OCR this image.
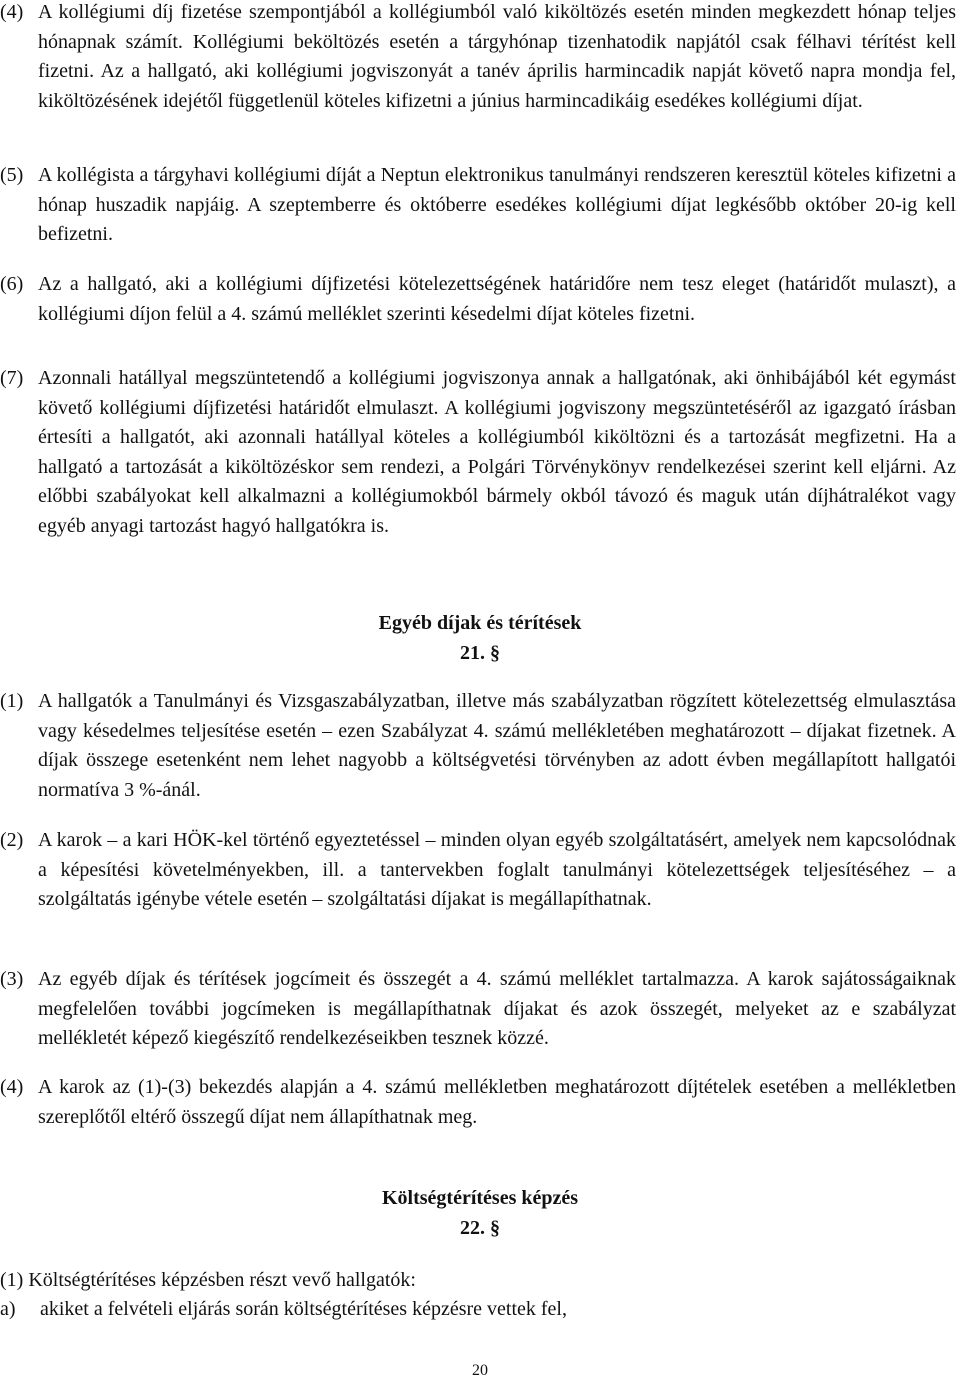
(4) A kollégiumi díj fizetése szempontjából a kollégiumból való kiköltözés esetén minden megkezdett hónap teljes hónapnak számít. Kollégiumi beköltözés esetén a tárgyhónap tizenhatodik napjától csak félhavi térítést kell fizetni. Az a hallgató, aki kollégiumi jogviszonyát a tanév április harmincadik napját követő napra mondja fel, kiköltözésének idejétől függetlenül köteles kifizetni a június harmincadikáig esedékes kollégiumi díjat.
(5) A kollégista a tárgyhavi kollégiumi díját a Neptun elektronikus tanulmányi rendszeren keresztül köteles kifizetni a hónap huszadik napjáig. A szeptemberre és októberre esedékes kollégiumi díjat legkésőbb október 20-ig kell befizetni.
(6) Az a hallgató, aki a kollégiumi díjfizetési kötelezettségének határidőre nem tesz eleget (határidőt mulaszt), a kollégiumi díjon felül a 4. számú melléklet szerinti késedelmi díjat köteles fizetni.
(7) Azonnali hatállyal megszüntetendő a kollégiumi jogviszonya annak a hallgatónak, aki önhibájából két egymást követő kollégiumi díjfizetési határidőt elmulaszt. A kollégiumi jogviszony megszüntetéséről az igazgató írásban értesíti a hallgatót, aki azonnali hatállyal köteles a kollégiumból kiköltözni és a tartozását megfizetni. Ha a hallgató a tartozását a kiköltözéskor sem rendezi, a Polgári Törvénykönyv rendelkezései szerint kell eljárni. Az előbbi szabályokat kell alkalmazni a kollégiumokból bármely okból távozó és maguk után díjhátralékot vagy egyéb anyagi tartozást hagyó hallgatókra is.
Egyéb díjak és térítések
21. §
(1) A hallgatók a Tanulmányi és Vizsgaszabályzatban, illetve más szabályzatban rögzített kötelezettség elmulasztása vagy késedelmes teljesítése esetén – ezen Szabályzat 4. számú mellékletében meghatározott – díjakat fizetnek. A díjak összege esetenként nem lehet nagyobb a költségvetési törvényben az adott évben megállapított hallgatói normatíva 3 %-ánál.
(2) A karok – a kari HÖK-kel történő egyeztetéssel – minden olyan egyéb szolgáltatásért, amelyek nem kapcsolódnak a képesítési követelményekben, ill. a tantervekben foglalt tanulmányi kötelezettségek teljesítéséhez – a szolgáltatás igénybe vétele esetén – szolgáltatási díjakat is megállapíthatnak.
(3) Az egyéb díjak és térítések jogcímeit és összegét a 4. számú melléklet tartalmazza. A karok sajátosságaiknak megfelelően további jogcímeken is megállapíthatnak díjakat és azok összegét, melyeket az e szabályzat mellékletét képező kiegészítő rendelkezéseikben tesznek közzé.
(4) A karok az (1)-(3) bekezdés alapján a 4. számú mellékletben meghatározott díjtételek esetében a mellékletben szereplőtől eltérő összegű díjat nem állapíthatnak meg.
Költségtérítéses képzés
22. §
(1) Költségtérítéses képzésben részt vevő hallgatók:
a)	akiket a felvételi eljárás során költségtérítéses képzésre vettek fel,
20
